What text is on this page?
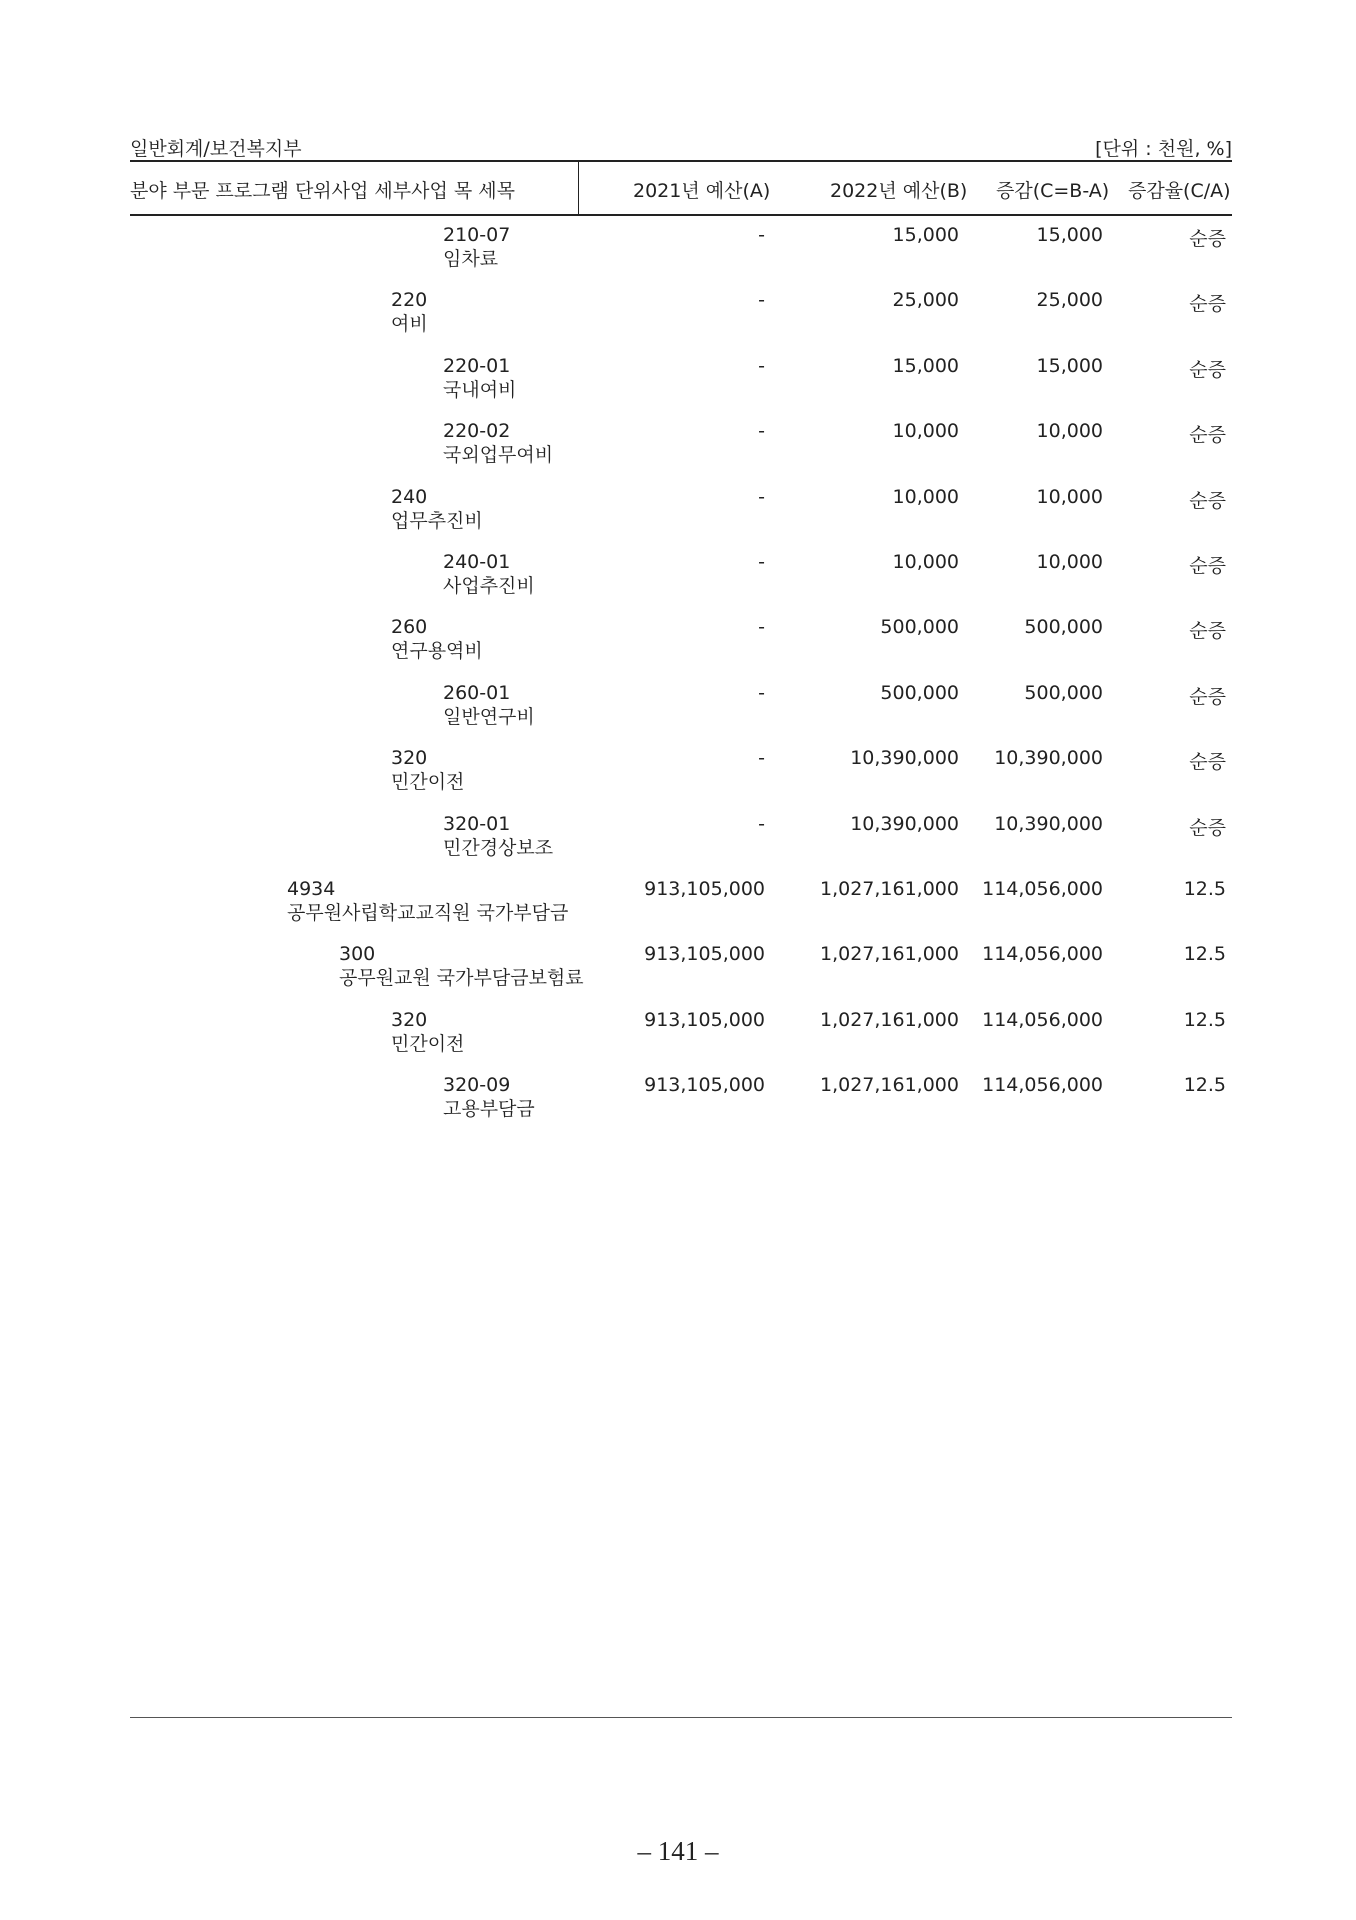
일반회계/보건복지부	[단위 : 천원, %]
분야 부문 프로그램 단위사업 세부사업 목 세목	2021년 예산(A)	2022년 예산(B) 증감(C=B-A) 증감율(C/A)
210-07
임차료
-	15,000	15,000	순증
220
여비
-	25,000	25,000	순증
220-01
국내여비
-	15,000	15,000	순증
220-02
국외업무여비
-	10,000	10,000	순증
240
업무추진비
-	10,000	10,000	순증
240-01
사업추진비
-	10,000	10,000	순증
260
연구용역비
-	500,000	500,000	순증
260-01
일반연구비
-	500,000	500,000	순증
320
민간이전
-	10,390,000	10,390,000	순증
320-01
민간경상보조
-	10,390,000	10,390,000	순증
4934
공무원사립학교교직원 국가부담금
913,105,000	1,027,161,000	114,056,000	12.5
300
공무원교원 국가부담금보험료
913,105,000	1,027,161,000	114,056,000	12.5
320
민간이전
913,105,000	1,027,161,000	114,056,000	12.5
320-09
고용부담금
913,105,000	1,027,161,000	114,056,000	12.5
– 141 –
